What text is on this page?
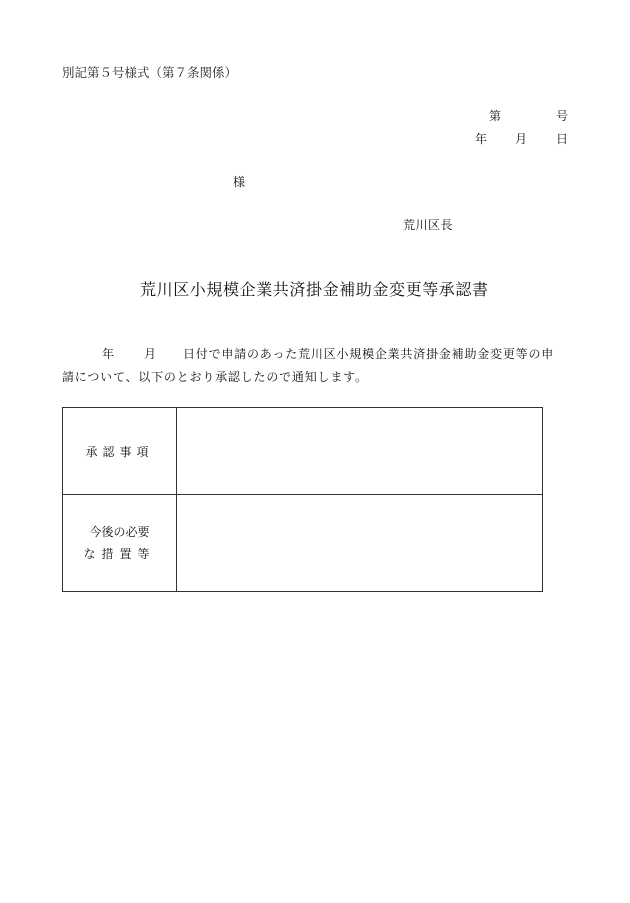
別記第５号様式（第７条関係）
第	号
年 月 日
様
荒川区長
荒川区小規模企業共済掛金補助金変更等承認書
年 月 日付で申請のあった荒川区小規模企業共済掛金補助金変更等の申
請について、以下のとおり承認したので通知します。
承認事項
今後の必要
な措置等
